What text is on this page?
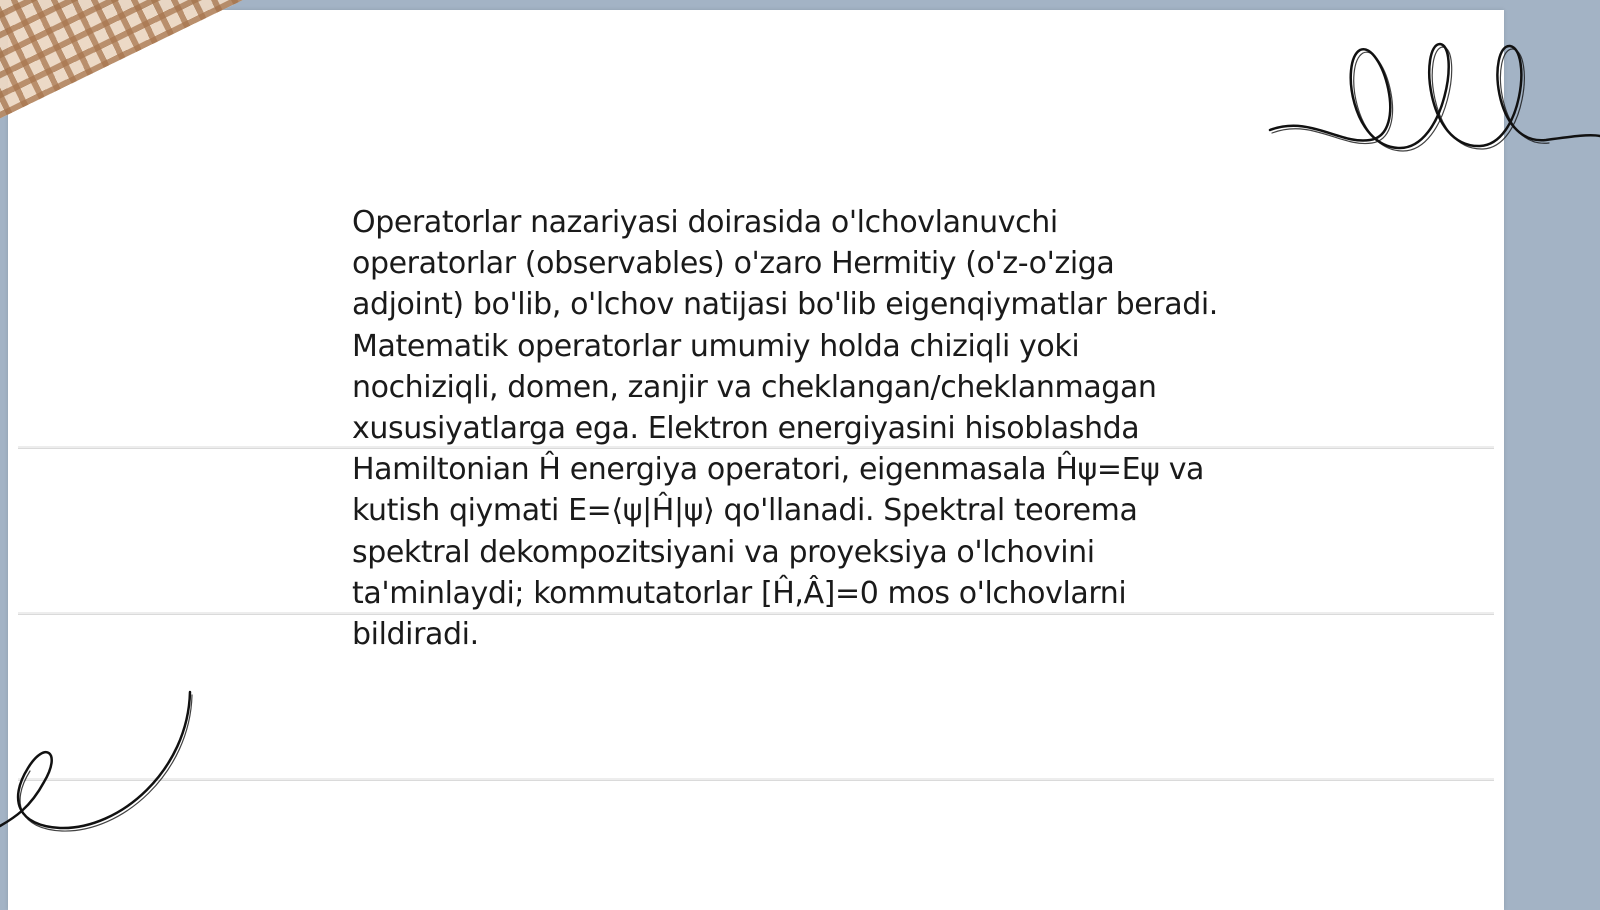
Operatorlar nazariyasi doirasida o'lchovlanuvchi operatorlar (observables) o'zaro Hermitiy (o'z-o'ziga adjoint) bo'lib, o'lchov natijasi bo'lib eigenqiymatlar beradi. Matematik operatorlar umumiy holda chiziqli yoki nochiziqli, domen, zanjir va cheklangan/cheklanmagan xususiyatlarga ega. Elektron energiyasini hisoblashda Hamiltonian Ĥ energiya operatori, eigenmasala Ĥψ=Eψ va kutish qiymati E=⟨ψ|Ĥ|ψ⟩ qo'llanadi. Spektral teorema spektral dekompozitsiyani va proyeksiya o'lchovini ta'minlaydi; kommutatorlar [Ĥ,Â]=0 mos o'lchovlarni bildiradi.
